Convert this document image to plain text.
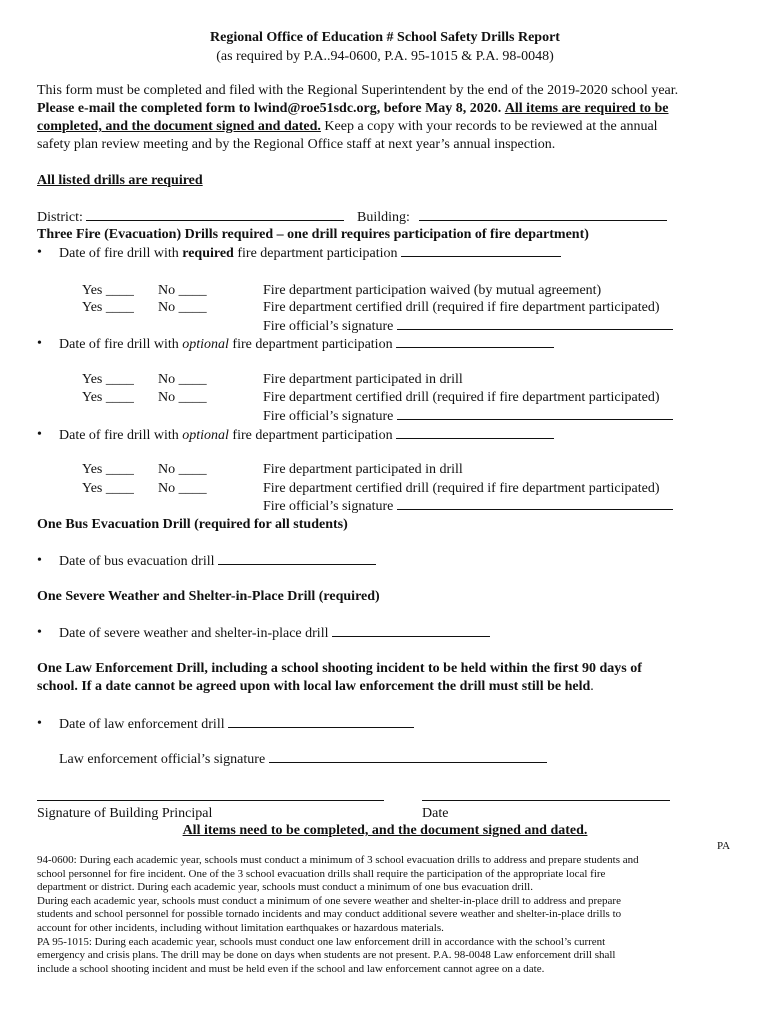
Regional Office of Education # School Safety Drills Report
(as required by P.A..94-0600, P.A. 95-1015 & P.A. 98-0048)
This form must be completed and filed with the Regional Superintendent by the end of the 2019-2020 school year.
Please e-mail the completed form to lwind@roe51sdc.org, before May 8, 2020. All items are required to be
completed, and the document signed and dated. Keep a copy with your records to be reviewed at the annual
safety plan review meeting and by the Regional Office staff at next year’s annual inspection.
All listed drills are required
District:	Building:
Three Fire (Evacuation) Drills required – one drill requires participation of fire department)
• Date of fire drill with required fire department participation
Yes ____ No ____	Fire department participation waived (by mutual agreement)
Yes ____ No ____	Fire department certified drill (required if fire department participated)
Fire official’s signature
• Date of fire drill with optional fire department participation
Yes ____ No ____	Fire department participated in drill
Yes ____ No ____	Fire department certified drill (required if fire department participated)
Fire official’s signature
• Date of fire drill with optional fire department participation
Yes ____ No ____	Fire department participated in drill
Yes ____ No ____	Fire department certified drill (required if fire department participated)
Fire official’s signature
One Bus Evacuation Drill (required for all students)
• Date of bus evacuation drill
One Severe Weather and Shelter-in-Place Drill (required)
• Date of severe weather and shelter-in-place drill
One Law Enforcement Drill, including a school shooting incident to be held within the first 90 days of
school. If a date cannot be agreed upon with local law enforcement the drill must still be held.
• Date of law enforcement drill
Law enforcement official’s signature
Signature of Building Principal	Date
All items need to be completed, and the document signed and dated.
PA
94-0600: During each academic year, schools must conduct a minimum of 3 school evacuation drills to address and prepare students and
school personnel for fire incident. One of the 3 school evacuation drills shall require the participation of the appropriate local fire
department or district. During each academic year, schools must conduct a minimum of one bus evacuation drill.
During each academic year, schools must conduct a minimum of one severe weather and shelter-in-place drill to address and prepare
students and school personnel for possible tornado incidents and may conduct additional severe weather and shelter-in-place drills to
account for other incidents, including without limitation earthquakes or hazardous materials.
PA 95-1015: During each academic year, schools must conduct one law enforcement drill in accordance with the school’s current
emergency and crisis plans. The drill may be done on days when students are not present. P.A. 98-0048 Law enforcement drill shall
include a school shooting incident and must be held even if the school and law enforcement cannot agree on a date.
